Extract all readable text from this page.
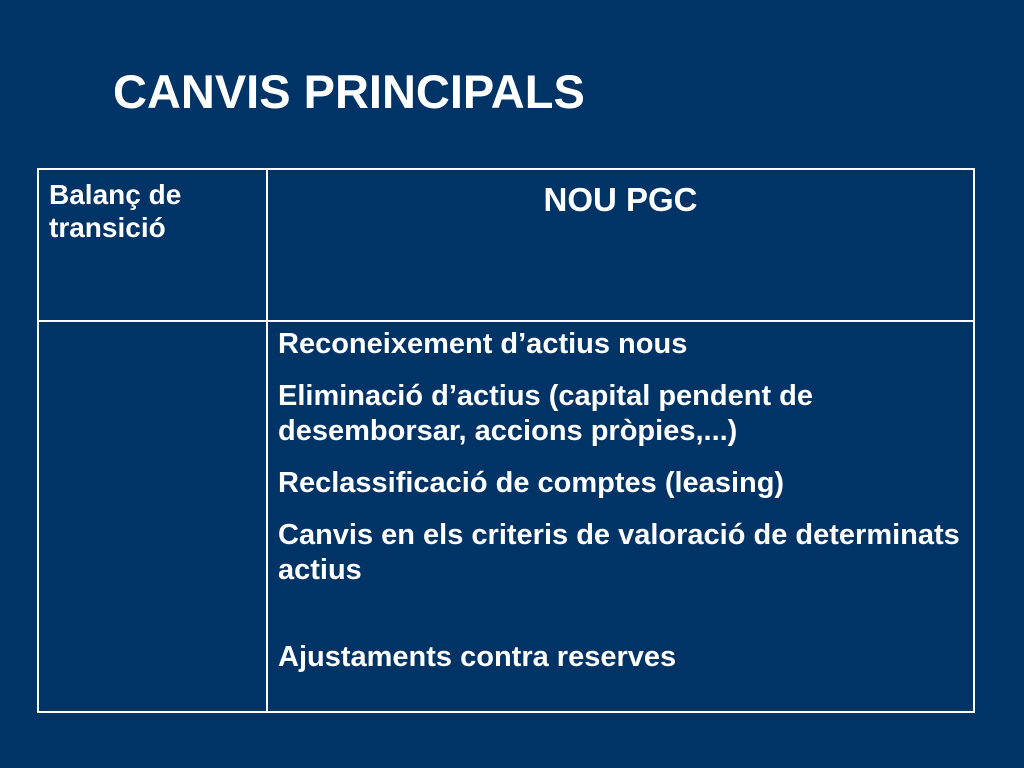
CANVIS PRINCIPALS
Balanç de transició	NOU PGC

	Reconeixement d’actius nous

Eliminació d’actius (capital pendent de desemborsar, accions pròpies,...)

Reclassificació de comptes (leasing)

Canvis en els criteris de valoració de determinats actius

Ajustaments contra reserves
